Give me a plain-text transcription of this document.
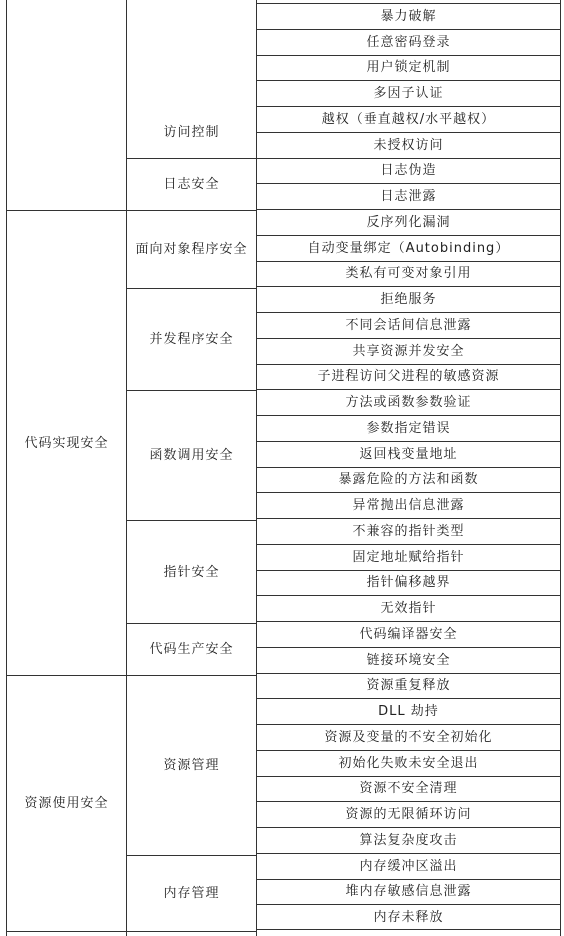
代码实现安全
资源使用安全
访问控制
日志安全
面向对象程序安全
并发程序安全
函数调用安全
指针安全
代码生产安全
资源管理
内存管理
暴力破解
任意密码登录
用户锁定机制
多因子认证
越权（垂直越权/水平越权）
未授权访问
日志伪造
日志泄露
反序列化漏洞
自动变量绑定（Autobinding）
类私有可变对象引用
拒绝服务
不同会话间信息泄露
共享资源并发安全
子进程访问父进程的敏感资源
方法或函数参数验证
参数指定错误
返回栈变量地址
暴露危险的方法和函数
异常抛出信息泄露
不兼容的指针类型
固定地址赋给指针
指针偏移越界
无效指针
代码编译器安全
链接环境安全
资源重复释放
DLL 劫持
资源及变量的不安全初始化
初始化失败未安全退出
资源不安全清理
资源的无限循环访问
算法复杂度攻击
内存缓冲区溢出
堆内存敏感信息泄露
内存未释放
